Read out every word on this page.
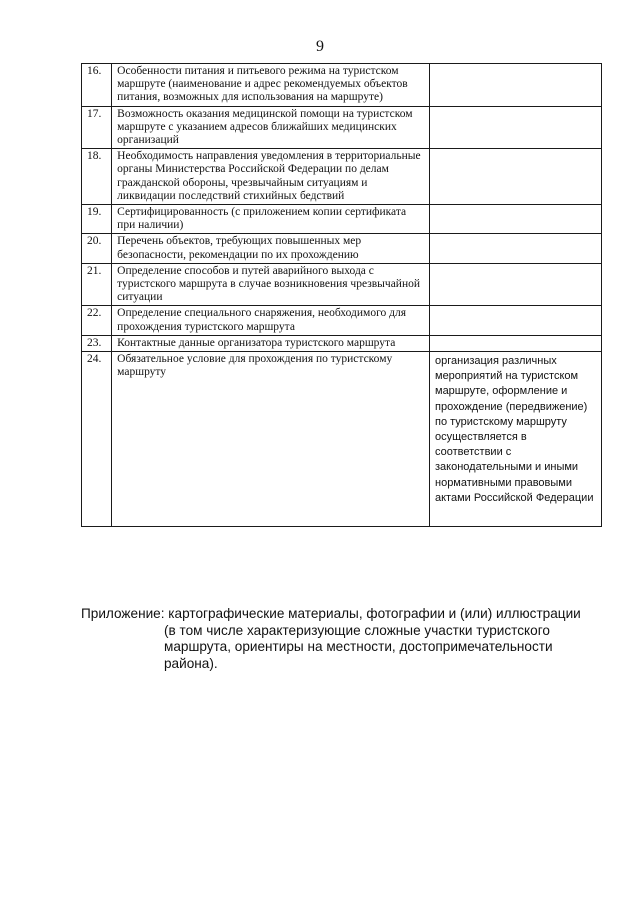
9
16.	Особенности питания и питьевого режима на туристском маршруте (наименование и адрес рекомендуемых объектов питания, возможных для использования на маршруте)	
17.	Возможность оказания медицинской помощи на туристском маршруте с указанием адресов ближайших медицинских организаций	
18.	Необходимость направления уведомления в территориальные органы Министерства Российской Федерации по делам гражданской обороны, чрезвычайным ситуациям и ликвидации последствий стихийных бедствий	
19.	Сертифицированность (с приложением копии сертификата при наличии)	
20.	Перечень объектов, требующих повышенных мер безопасности, рекомендации по их прохождению	
21.	Определение способов и путей аварийного выхода с туристского маршрута в случае возникновения чрезвычайной ситуации	
22.	Определение специального снаряжения, необходимого для прохождения туристского маршрута	
23.	Контактные данные организатора туристского маршрута	
24.	Обязательное условие для прохождения по туристскому маршруту	организация различных мероприятий на туристском маршруте, оформление и прохождение (передвижение) по туристскому маршруту осуществляется в соответствии с законодательными и иными нормативными правовыми актами Российской Федерации
Приложение: картографические материалы, фотографии и (или) иллюстрации
(в том числе характеризующие сложные участки туристского маршрута, ориентиры на местности, достопримечательности района).
